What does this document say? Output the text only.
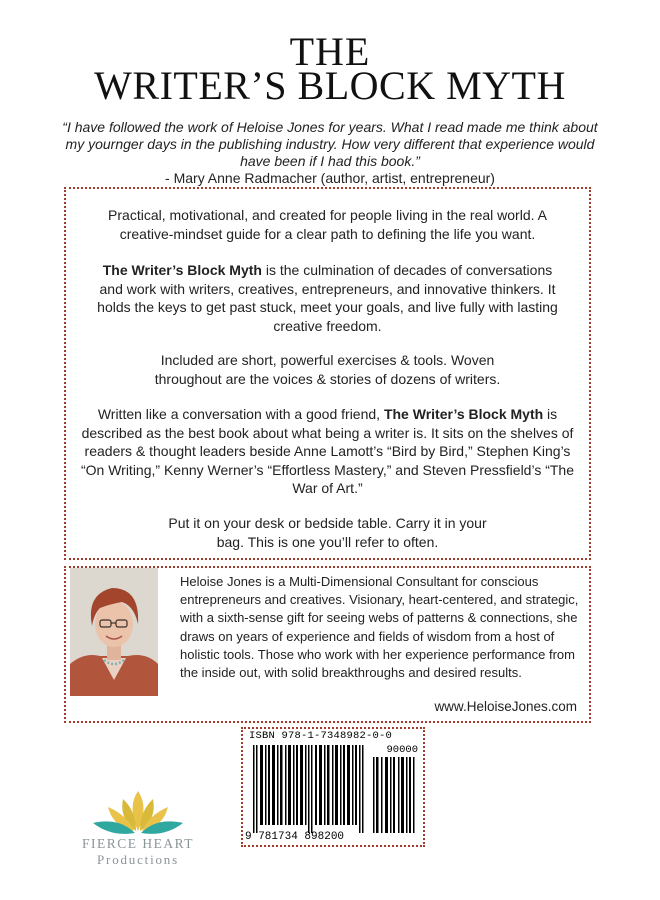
THE
WRITER’S BLOCK MYTH
“I have followed the work of Heloise Jones for years. What I read made me think about my yournger days in the publishing industry. How very different that experience would have been if I had this book.”
- Mary Anne Radmacher (author, artist, entrepreneur)

Practical, motivational, and created for people living in the real world. A creative-mindset guide for a clear path to defining the life you want.

The Writer’s Block Myth is the culmination of decades of conversations and work with writers, creatives, entrepreneurs, and innovative thinkers. It holds the keys to get past stuck, meet your goals, and live fully with lasting creative freedom.

Included are short, powerful exercises & tools. Woven throughout are the voices & stories of dozens of writers.

Written like a conversation with a good friend, The Writer’s Block Myth is described as the best book about what being a writer is. It sits on the shelves of readers & thought leaders beside Anne Lamott’s “Bird by Bird,” Stephen King’s “On Writing,” Kenny Werner’s “Effortless Mastery,” and Steven Pressfield’s “The War of Art.”

Put it on your desk or bedside table. Carry it in your bag. This is one you’ll refer to often.

Heloise Jones is a Multi-Dimensional Consultant for conscious entrepreneurs and creatives. Visionary, heart-centered, and strategic, with a sixth-sense gift for seeing webs of patterns & connections, she draws on years of experience and fields of wisdom from a host of holistic tools. Those who work with her experience performance from the inside out, with solid breakthroughs and desired results.
www.HeloiseJones.com
ISBN 978-1-7348982-0-0
90000
9 781734 898200
FIERCE HEART
Productions
